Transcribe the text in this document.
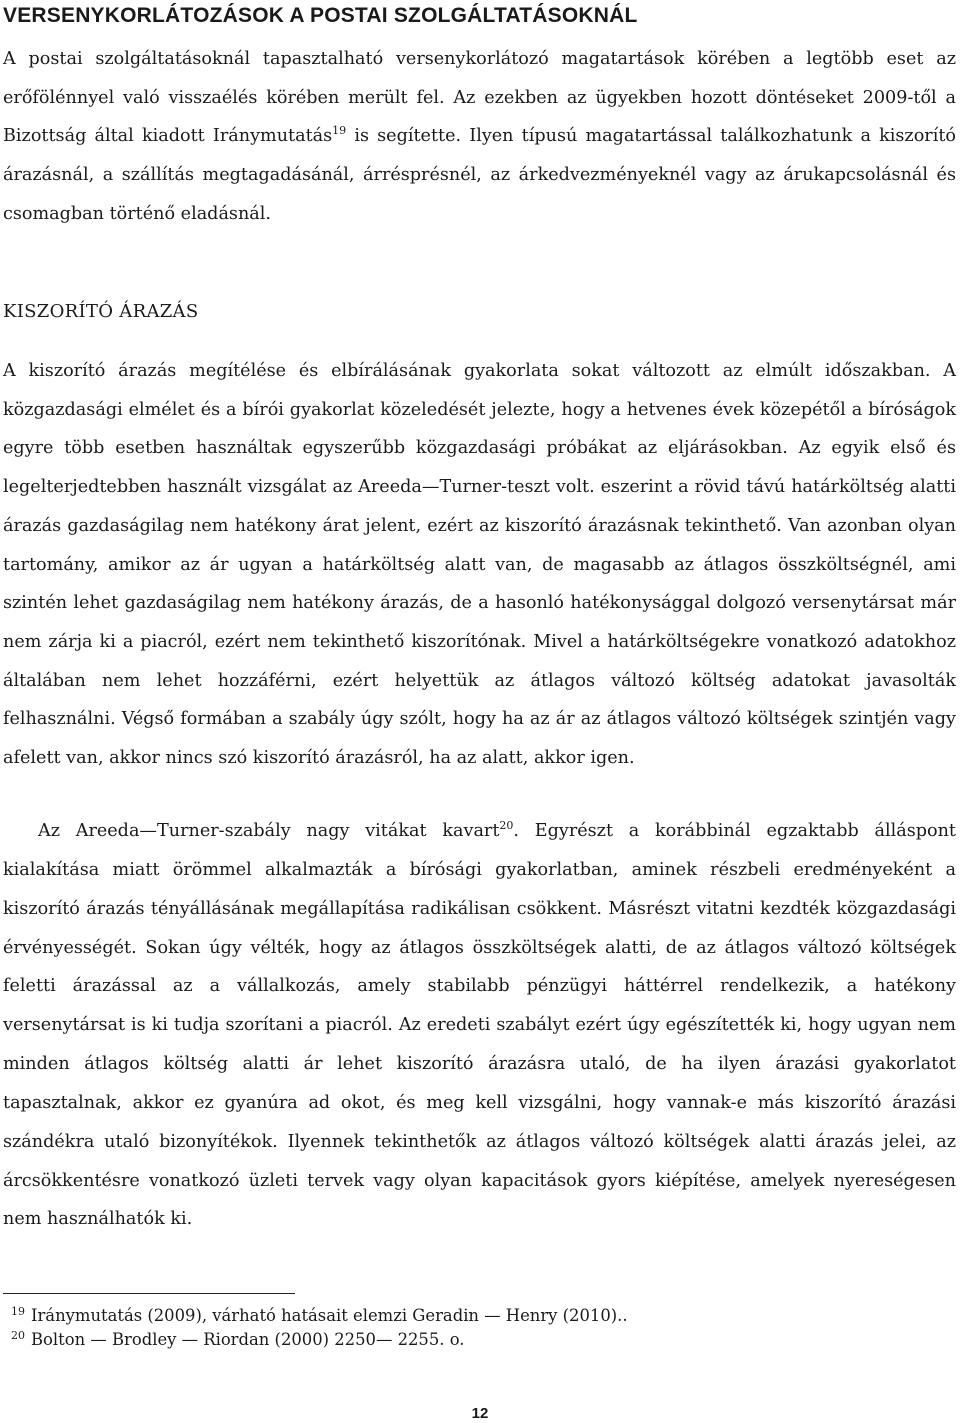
VERSENYKORLÁTOZÁSOK A POSTAI SZOLGÁLTATÁSOKNÁL

A postai szolgáltatásoknál tapasztalható versenykorlátozó magatartások körében a legtöbb eset az erőfölénnyel való visszaélés körében merült fel. Az ezekben az ügyekben hozott döntéseket 2009-től a Bizottság által kiadott Iránymutatás$^{19}$ is segítette. Ilyen típusú magatartással találkozhatunk a kiszorító árazásnál, a szállítás megtagadásánál, árrésprésnél, az árkedvezményeknél vagy az árukapcsolásnál és csomagban történő eladásnál.

KISZORÍTÓ ÁRAZÁS

A kiszorító árazás megítélése és elbírálásának gyakorlata sokat változott az elmúlt időszakban. A közgazdasági elmélet és a bírói gyakorlat közeledését jelezte, hogy a hetvenes évek közepétől a bíróságok egyre több esetben használtak egyszerűbb közgazdasági próbákat az eljárásokban. Az egyik első és legelterjedtebben használt vizsgálat az Areeda—Turner-teszt volt. eszerint a rövid távú határköltség alatti árazás gazdaságilag nem hatékony árat jelent, ezért az kiszorító árazásnak tekinthető. Van azonban olyan tartomány, amikor az ár ugyan a határköltség alatt van, de magasabb az átlagos összköltségnél, ami szintén lehet gazdaságilag nem hatékony árazás, de a hasonló hatékonysággal dolgozó versenytársat már nem zárja ki a piacról, ezért nem tekinthető kiszorítónak. Mivel a határköltségekre vonatkozó adatokhoz általában nem lehet hozzáférni, ezért helyettük az átlagos változó költség adatokat javasolták felhasználni. Végső formában a szabály úgy szólt, hogy ha az ár az átlagos változó költségek szintjén vagy afelett van, akkor nincs szó kiszorító árazásról, ha az alatt, akkor igen.

Az Areeda—Turner-szabály nagy vitákat kavart$^{20}$. Egyrészt a korábbinál egzaktabb álláspont kialakítása miatt örömmel alkalmazták a bírósági gyakorlatban, aminek részbeli eredményeként a kiszorító árazás tényállásának megállapítása radikálisan csökkent. Másrészt vitatni kezdték közgazdasági érvényességét. Sokan úgy vélték, hogy az átlagos összköltségek alatti, de az átlagos változó költségek feletti árazással az a vállalkozás, amely stabilabb pénzügyi háttérrel rendelkezik, a hatékony versenytársat is ki tudja szorítani a piacról. Az eredeti szabályt ezért úgy egészítették ki, hogy ugyan nem minden átlagos költség alatti ár lehet kiszorító árazásra utaló, de ha ilyen árazási gyakorlatot tapasztalnak, akkor ez gyanúra ad okot, és meg kell vizsgálni, hogy vannak-e más kiszorító árazási szándékra utaló bizonyítékok. Ilyennek tekinthetők az átlagos változó költségek alatti árazás jelei, az árcsökkentésre vonatkozó üzleti tervek vagy olyan kapacitások gyors kiépítése, amelyek nyereségesen nem használhatók ki.

$^{19}$ Iránymutatás (2009), várható hatásait elemzi Geradin — Henry (2010)..
$^{20}$ Bolton — Brodley — Riordan (2000) 2250— 2255. o.
12
